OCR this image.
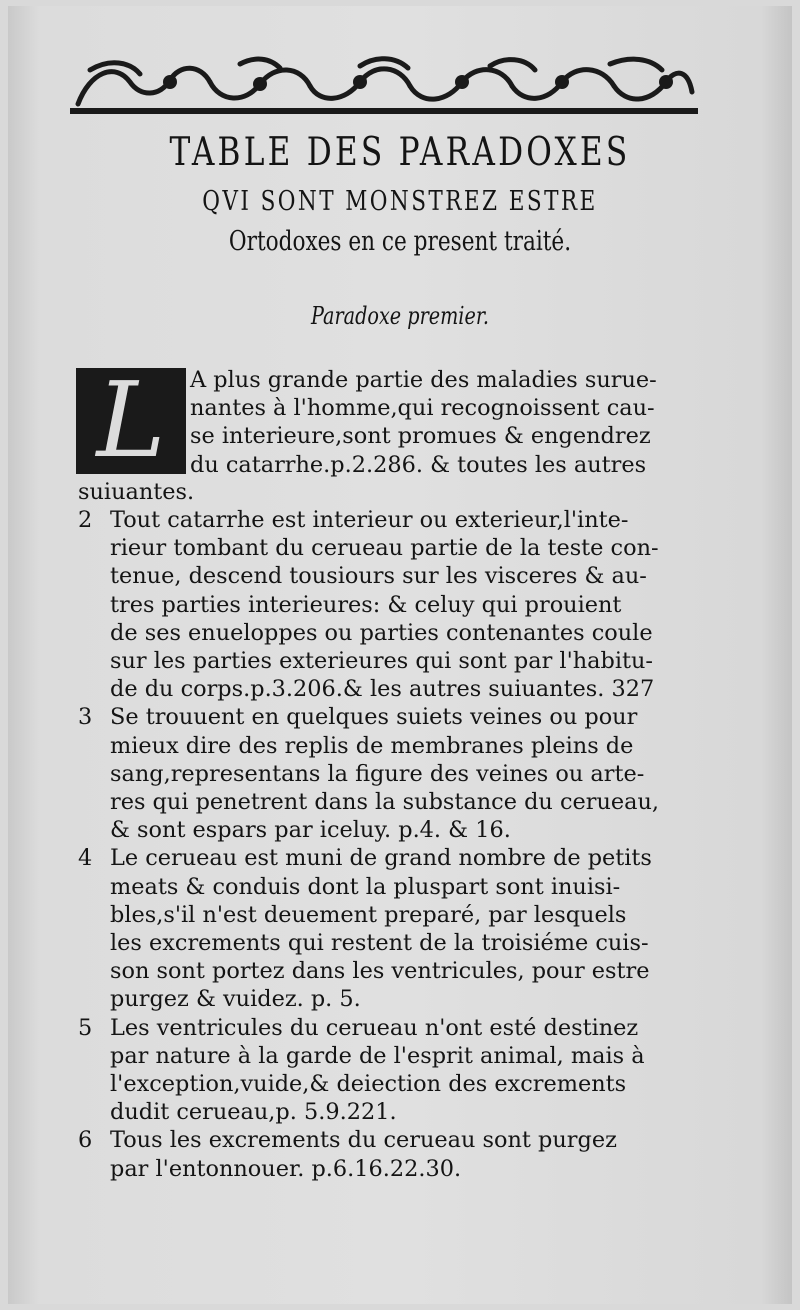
TABLE DES PARADOXES
QVI SONT MONSTREZ ESTRE
Ortodoxes en ce present traité.
Paradoxe premier.
L	A plus grande partie des maladies surue-
nantes à l'homme,qui recognoissent cau-
se interieure,sont promues & engendrez
du catarrhe.p.2.286. & toutes les autres
suiuantes.
2 Tout catarrhe est interieur ou exterieur,l'inte-
rieur tombant du cerueau partie de la teste con-
tenue, descend tousiours sur les visceres & au-
tres parties interieures: & celuy qui prouient
de ses enueloppes ou parties contenantes coule
sur les parties exterieures qui sont par l'habitu-
de du corps.p.3.206.& les autres suiuantes. 327
3 Se trouuent en quelques suiets veines ou pour
mieux dire des replis de membranes pleins de
sang,representans la figure des veines ou arte-
res qui penetrent dans la substance du cerueau,
& sont espars par iceluy. p.4. & 16.
4 Le cerueau est muni de grand nombre de petits
meats & conduis dont la pluspart sont inuisi-
bles,s'il n'est deuement preparé, par lesquels
les excrements qui restent de la troisiéme cuis-
son sont portez dans les ventricules, pour estre
purgez & vuidez. p. 5.
5 Les ventricules du cerueau n'ont esté destinez
par nature à la garde de l'esprit animal, mais à
l'exception,vuide,& deiection des excrements
dudit cerueau,p. 5.9.221.
6 Tous les excrements du cerueau sont purgez
par l'entonnouer. p.6.16.22.30.
